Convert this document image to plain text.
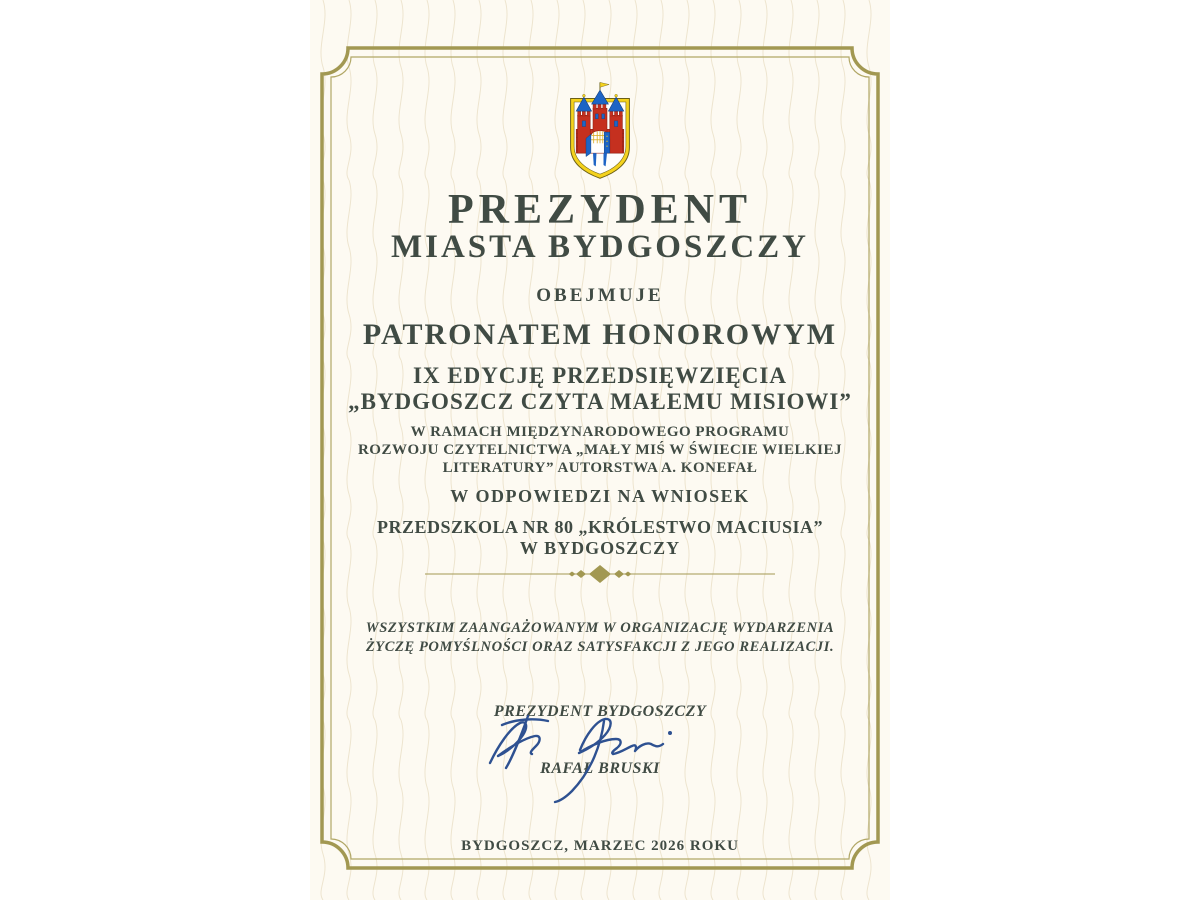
PREZYDENT
MIASTA BYDGOSZCZY
OBEJMUJE
PATRONATEM HONOROWYM
IX EDYCJĘ PRZEDSIĘWZIĘCIA
„BYDGOSZCZ CZYTA MAŁEMU MISIOWI”
W RAMACH MIĘDZYNARODOWEGO PROGRAMU
ROZWOJU CZYTELNICTWA „MAŁY MIŚ W ŚWIECIE WIELKIEJ
LITERATURY” AUTORSTWA A. KONEFAŁ
W ODPOWIEDZI NA WNIOSEK
PRZEDSZKOLA NR 80 „KRÓLESTWO MACIUSIA”
W BYDGOSZCZY
WSZYSTKIM ZAANGAŻOWANYM W ORGANIZACJĘ WYDARZENIA
ŻYCZĘ POMYŚLNOŚCI ORAZ SATYSFAKCJI Z JEGO REALIZACJI.
PREZYDENT BYDGOSZCZY
RAFAŁ BRUSKI
BYDGOSZCZ, MARZEC 2026 ROKU
